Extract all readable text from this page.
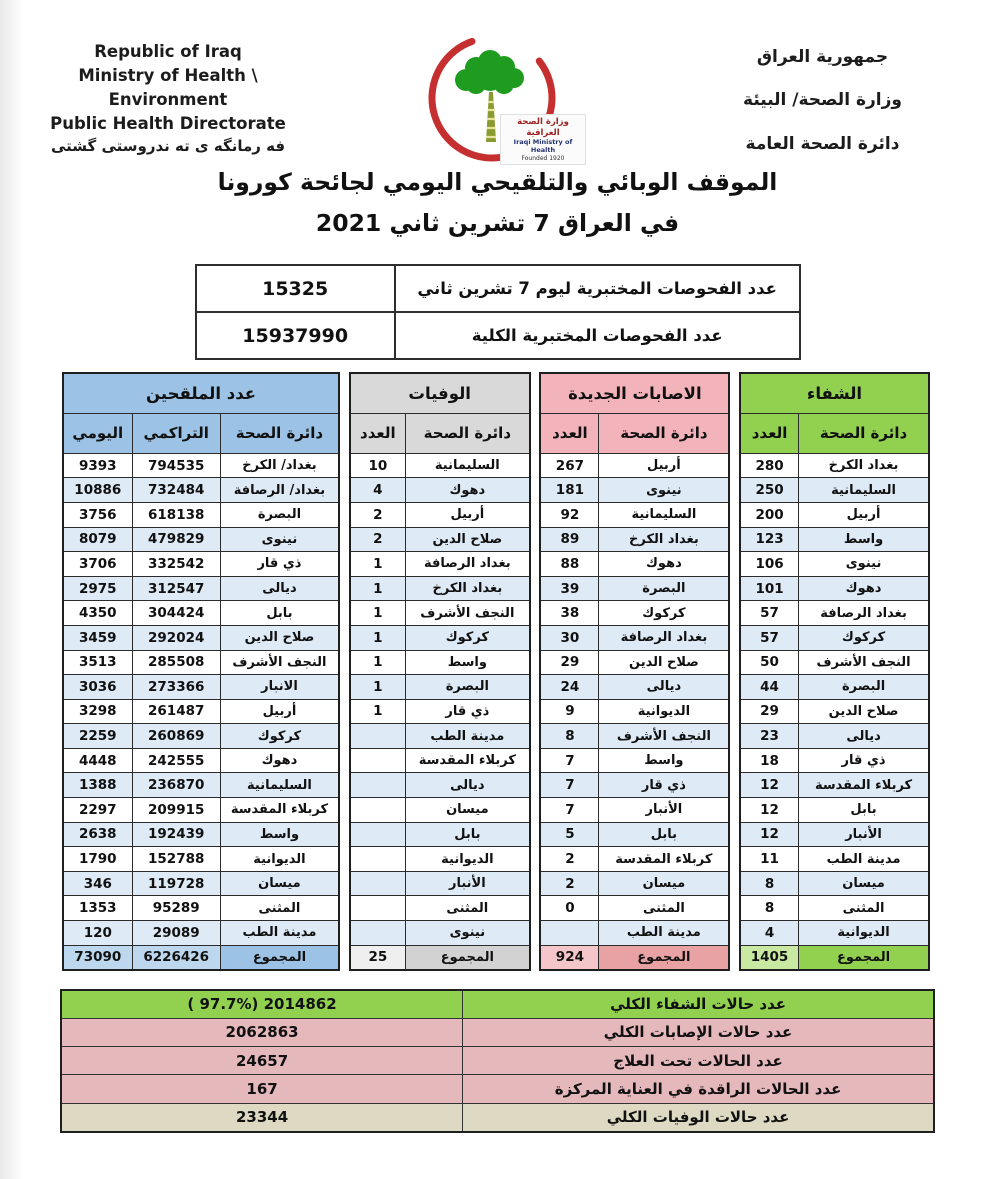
Republic of Iraq
Ministry of Health \ Environment
Public Health Directorate
فه رمانگه ی ته ندروستی گشتی
وزارة الصحة العراقية
Iraqi Ministry of Health
Founded 1920
جمهورية العراق
وزارة الصحة/ البيئة
دائرة الصحة العامة
الموقف الوبائي والتلقيحي اليومي لجائحة كورونا
في العراق 7 تشرين ثاني 2021
عدد الفحوصات المختبرية ليوم 7 تشرين ثاني	15325
عدد الفحوصات المختبرية الكلية	15937990
الشفاء	
دائرة الصحة	العدد
بغداد الكرخ	280
السليمانية	250
أربيل	200
واسط	123
نينوى	106
دهوك	101
بغداد الرصافة	57
كركوك	57
النجف الأشرف	50
البصرة	44
صلاح الدين	29
ديالى	23
ذي قار	18
كربلاء المقدسة	12
بابل	12
الأنبار	12
مدينة الطب	11
ميسان	8
المثنى	8
الديوانية	4
المجموع	1405
الاصابات الجديدة	
دائرة الصحة	العدد
أربيل	267
نينوى	181
السليمانية	92
بغداد الكرخ	89
دهوك	88
البصرة	39
كركوك	38
بغداد الرصافة	30
صلاح الدين	29
ديالى	24
الديوانية	9
النجف الأشرف	8
واسط	7
ذي قار	7
الأنبار	7
بابل	5
كربلاء المقدسة	2
ميسان	2
المثنى	0
مدينة الطب	
المجموع	924
الوفيات	
دائرة الصحة	العدد
السليمانية	10
دهوك	4
أربيل	2
صلاح الدين	2
بغداد الرصافة	1
بغداد الكرخ	1
النجف الأشرف	1
كركوك	1
واسط	1
البصرة	1
ذي قار	1
مدينة الطب	
كربلاء المقدسة	
ديالى	
ميسان	
بابل	
الديوانية	
الأنبار	
المثنى	
نينوى	
المجموع	25
عدد الملقحين		
دائرة الصحة	التراكمي	اليومي
بغداد/ الكرخ	794535	9393
بغداد/ الرصافة	732484	10886
البصرة	618138	3756
نينوى	479829	8079
ذي قار	332542	3706
ديالى	312547	2975
بابل	304424	4350
صلاح الدين	292024	3459
النجف الأشرف	285508	3513
الانبار	273366	3036
أربيل	261487	3298
كركوك	260869	2259
دهوك	242555	4448
السليمانية	236870	1388
كربلاء المقدسة	209915	2297
واسط	192439	2638
الديوانية	152788	1790
ميسان	119728	346
المثنى	95289	1353
مدينة الطب	29089	120
المجموع	6226426	73090
عدد حالات الشفاء الكلي	( 97.7%) 2014862
عدد حالات الإصابات الكلي	2062863
عدد الحالات تحت العلاج	24657
عدد الحالات الراقدة في العناية المركزة	167
عدد حالات الوفيات الكلي	23344
